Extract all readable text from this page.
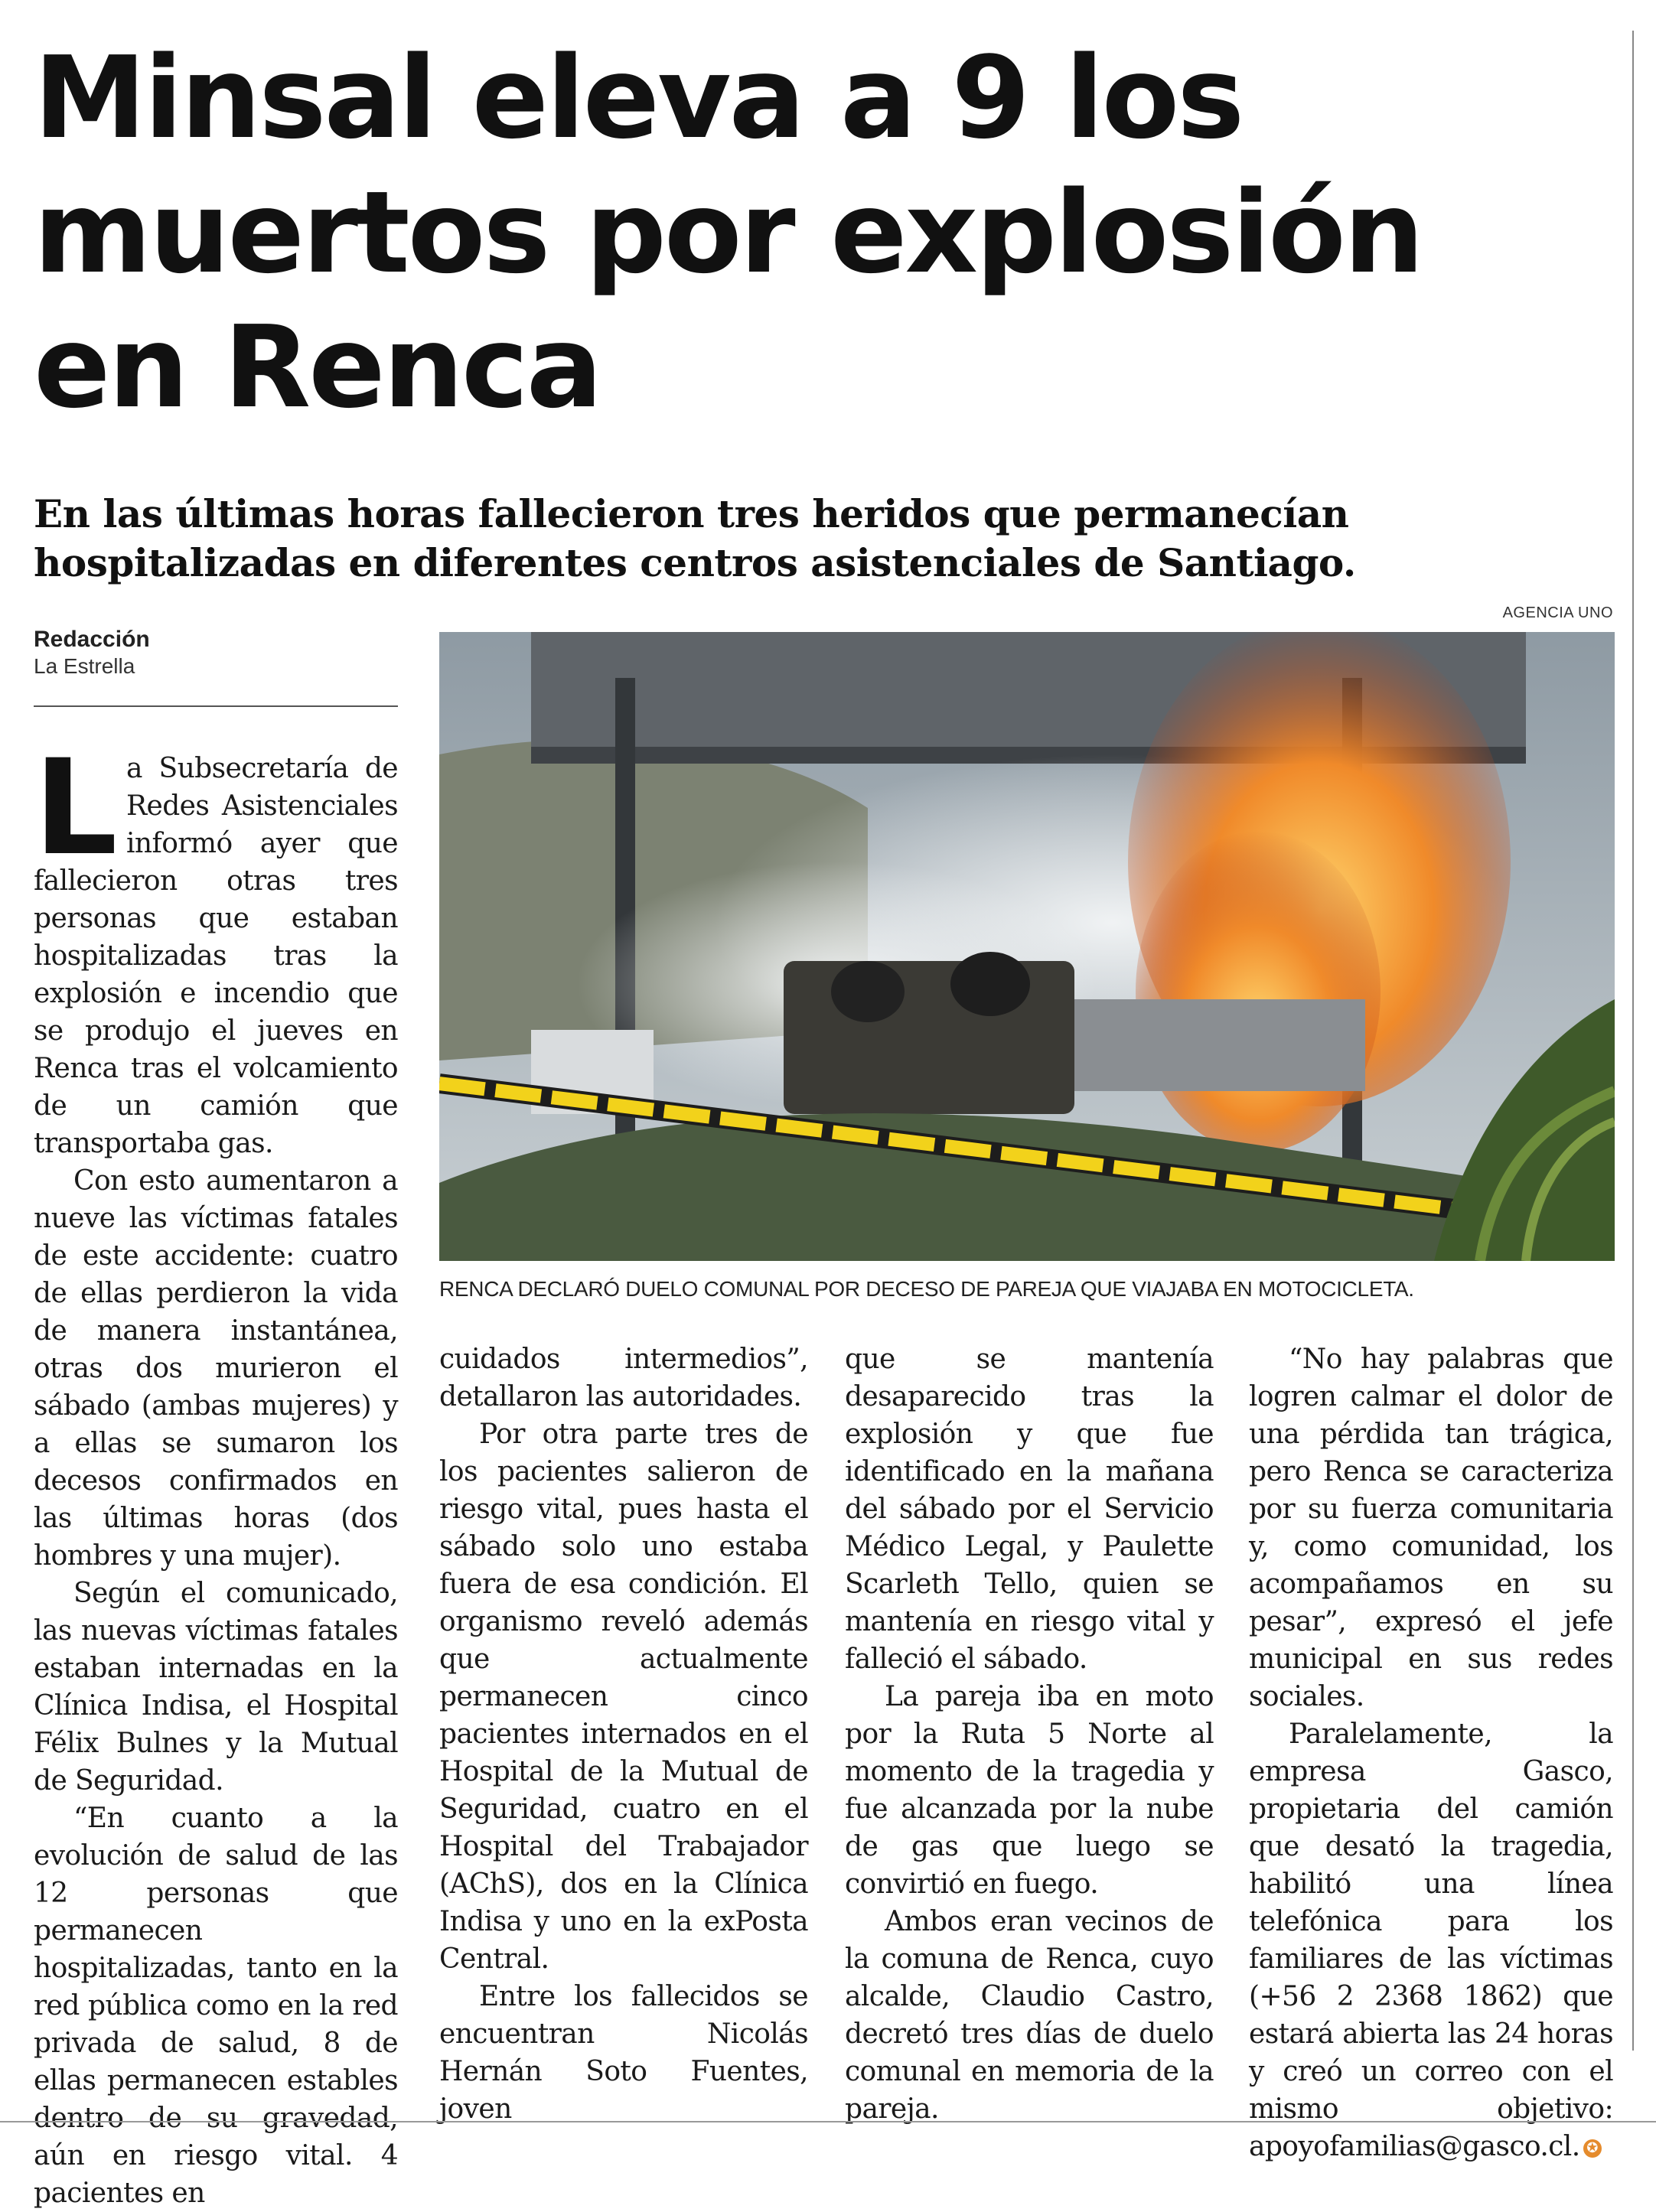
Minsal eleva a 9 los muertos por explosión en Renca

En las últimas horas fallecieron tres heridos que permanecían hospitalizadas en diferentes centros asistenciales de Santiago.

AGENCIA UNO
Redacción
La Estrella
RENCA DECLARÓ DUELO COMUNAL POR DECESO DE PAREJA QUE VIAJABA EN MOTOCICLETA.

La Subsecretaría de Redes Asistenciales informó ayer que fallecieron otras tres personas que estaban hospitalizadas tras la explosión e incendio que se produjo el jueves en Renca tras el volcamiento de un camión que transportaba gas.

Con esto aumentaron a nueve las víctimas fatales de este accidente: cuatro de ellas perdieron la vida de manera instantánea, otras dos murieron el sábado (ambas mujeres) y a ellas se sumaron los decesos confirmados en las últimas horas (dos hombres y una mujer).

Según el comunicado, las nuevas víctimas fatales estaban internadas en la Clínica Indisa, el Hospital Félix Bulnes y la Mutual de Seguridad.

“En cuanto a la evolución de salud de las 12 personas que permanecen hospitalizadas, tanto en la red pública como en la red privada de salud, 8 de ellas permanecen estables dentro de su gravedad, aún en riesgo vital. 4 pacientes en

cuidados intermedios”, detallaron las autoridades.

Por otra parte tres de los pacientes salieron de riesgo vital, pues hasta el sábado solo uno estaba fuera de esa condición. El organismo reveló además que actualmente permanecen cinco pacientes internados en el Hospital de la Mutual de Seguridad, cuatro en el Hospital del Trabajador (AChS), dos en la Clínica Indisa y uno en la exPosta Central.

Entre los fallecidos se encuentran Nicolás Hernán Soto Fuentes, joven

que se mantenía desaparecido tras la explosión y que fue identificado en la mañana del sábado por el Servicio Médico Legal, y Paulette Scarleth Tello, quien se mantenía en riesgo vital y falleció el sábado.

La pareja iba en moto por la Ruta 5 Norte al momento de la tragedia y fue alcanzada por la nube de gas que luego se convirtió en fuego.

Ambos eran vecinos de la comuna de Renca, cuyo alcalde, Claudio Castro, decretó tres días de duelo comunal en memoria de la pareja.

“No hay palabras que logren calmar el dolor de una pérdida tan trágica, pero Renca se caracteriza por su fuerza comunitaria y, como comunidad, los acompañamos en su pesar”, expresó el jefe municipal en sus redes sociales.

Paralelamente, la empresa Gasco, propietaria del camión que desató la tragedia, habilitó una línea telefónica para los familiares de las víctimas (+56 2 2368 1862) que estará abierta las 24 horas y creó un correo con el mismo objetivo: apoyofamilias@gasco.cl. ✪
